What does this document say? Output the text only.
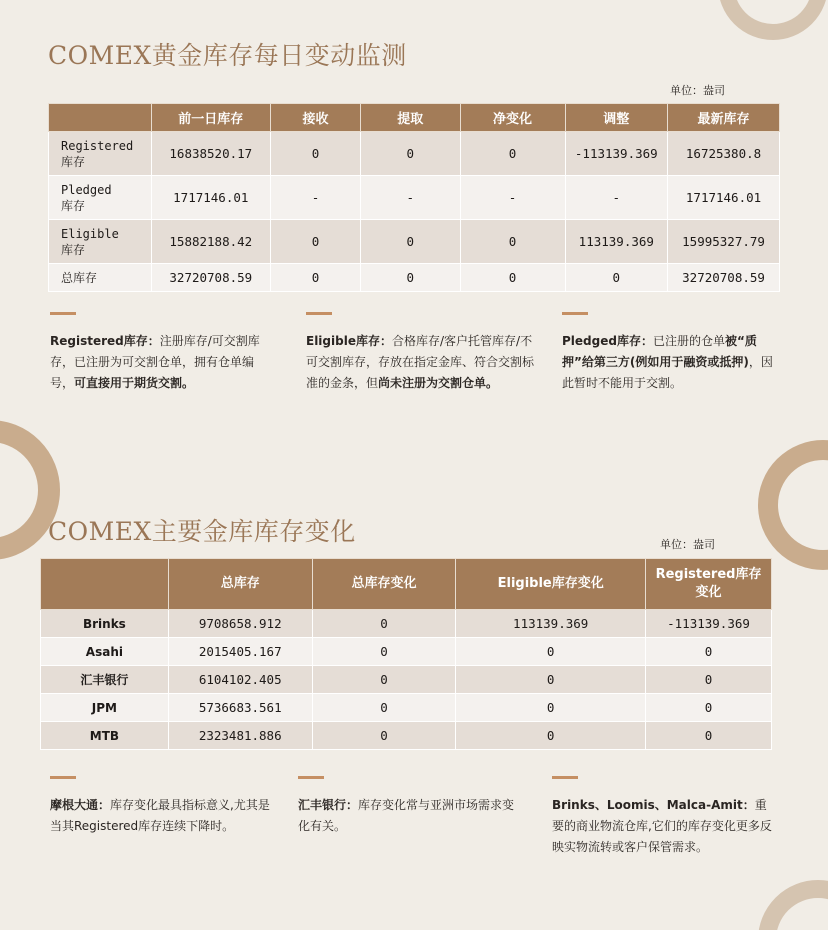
COMEX黄金库存每日变动监测
单位：盎司
	前一日库存	接收	提取	净变化	调整	最新库存
Registered
库存	16838520.17	0	0	0	-113139.369	16725380.8
Pledged
库存	1717146.01	-	-	-	-	1717146.01
Eligible
库存	15882188.42	0	0	0	113139.369	15995327.79
总库存	32720708.59	0	0	0	0	32720708.59
Registered库存：注册库存/可交割库存，已注册为可交割仓单，拥有仓单编号，可直接用于期货交割。
Eligible库存：合格库存/客户托管库存/不可交割库存，存放在指定金库、符合交割标准的金条，但尚未注册为交割仓单。
Pledged库存：已注册的仓单被“质押”给第三方(例如用于融资或抵押)，因此暂时不能用于交割。
COMEX主要金库库存变化	单位：盎司
	总库存	总库存变化	Eligible库存变化	Registered库存变化
Brinks	9708658.912	0	113139.369	-113139.369
Asahi	2015405.167	0	0	0
汇丰银行	6104102.405	0	0	0
JPM	5736683.561	0	0	0
MTB	2323481.886	0	0	0
摩根大通：库存变化最具指标意义,尤其是当其Registered库存连续下降时。
汇丰银行：库存变化常与亚洲市场需求变化有关。
Brinks、Loomis、Malca-Amit：重要的商业物流仓库,它们的库存变化更多反映实物流转或客户保管需求。
